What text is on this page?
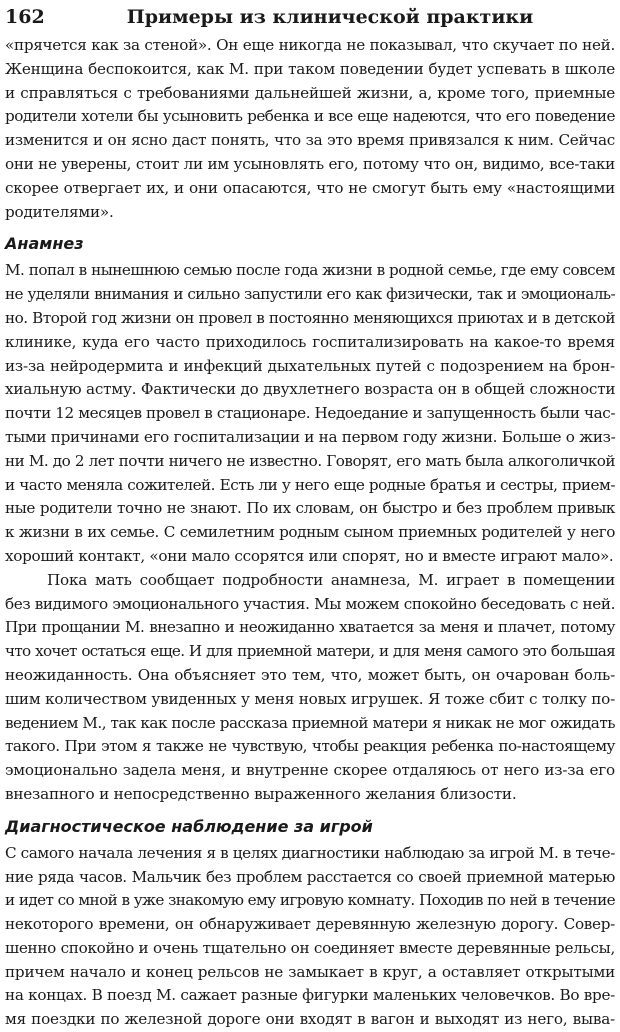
162	Примеры из клинической практики
«прячется как за стеной». Он еще никогда не показывал, что скучает по ней.
Женщина беспокоится, как М. при таком поведении будет успевать в школе
и справляться с требованиями дальнейшей жизни, а, кроме того, приемные
родители хотели бы усыновить ребенка и все еще надеются, что его поведение
изменится и он ясно даст понять, что за это время привязался к ним. Сейчас
они не уверены, стоит ли им усыновлять его, потому что он, видимо, все-таки
скорее отвергает их, и они опасаются, что не смогут быть ему «настоящими
родителями».
Анамнез
М. попал в нынешнюю семью после года жизни в родной семье, где ему совсем
не уделяли внимания и сильно запустили его как физически, так и эмоциональ-
но. Второй год жизни он провел в постоянно меняющихся приютах и в детской
клинике, куда его часто приходилось госпитализировать на какое-то время
из-за нейродермита и инфекций дыхательных путей с подозрением на брон-
хиальную астму. Фактически до двухлетнего возраста он в общей сложности
почти 12 месяцев провел в стационаре. Недоедание и запущенность были час-
тыми причинами его госпитализации и на первом году жизни. Больше о жиз-
ни М. до 2 лет почти ничего не известно. Говорят, его мать была алкоголичкой
и часто меняла сожителей. Есть ли у него еще родные братья и сестры, прием-
ные родители точно не знают. По их словам, он быстро и без проблем привык
к жизни в их семье. С семилетним родным сыном приемных родителей у него
хороший контакт, «они мало ссорятся или спорят, но и вместе играют мало».
Пока мать сообщает подробности анамнеза, М. играет в помещении
без видимого эмоционального участия. Мы можем спокойно беседовать с ней.
При прощании М. внезапно и неожиданно хватается за меня и плачет, потому
что хочет остаться еще. И для приемной матери, и для меня самого это большая
неожиданность. Она объясняет это тем, что, может быть, он очарован боль-
шим количеством увиденных у меня новых игрушек. Я тоже сбит с толку по-
ведением М., так как после рассказа приемной матери я никак не мог ожидать
такого. При этом я также не чувствую, чтобы реакция ребенка по-настоящему
эмоционально задела меня, и внутренне скорее отдаляюсь от него из-за его
внезапного и непосредственно выраженного желания близости.
Диагностическое наблюдение за игрой
С самого начала лечения я в целях диагностики наблюдаю за игрой М. в тече-
ние ряда часов. Мальчик без проблем расстается со своей приемной матерью
и идет со мной в уже знакомую ему игровую комнату. Походив по ней в течение
некоторого времени, он обнаруживает деревянную железную дорогу. Совер-
шенно спокойно и очень тщательно он соединяет вместе деревянные рельсы,
причем начало и конец рельсов не замыкает в круг, а оставляет открытыми
на концах. В поезд М. сажает разные фигурки маленьких человечков. Во вре-
мя поездки по железной дороге они входят в вагон и выходят из него, выва-
